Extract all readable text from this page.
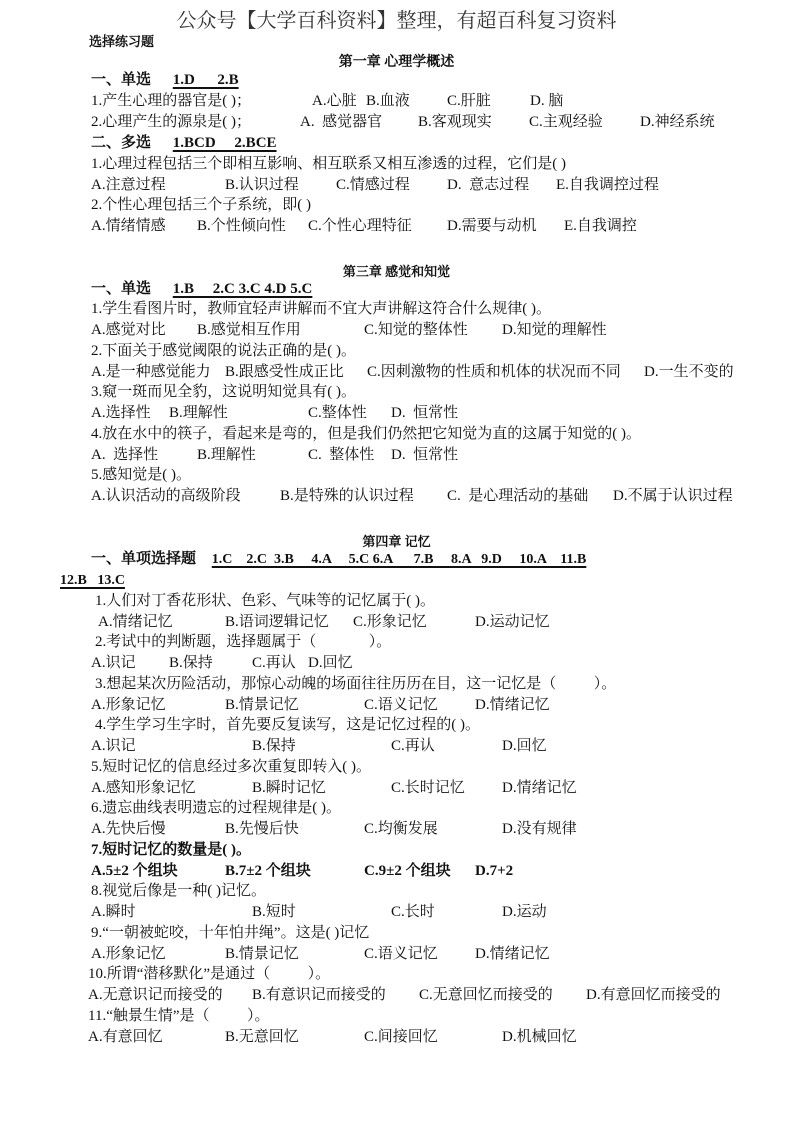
公众号【大学百科资料】整理，有超百科复习资料
选择练习题
第一章 心理学概述
一、单选 1.D      2.B
1.产生心理的器官是( )；	A.心脏 B.血液 C.肝脏	D. 脑
2.心理产生的源泉是( )；	A.  感觉器官 B.客观现实 C.主观经验 D.神经系统
二、多选 1.BCD     2.BCE
1.心理过程包括三个即相互影响、相互联系又相互渗透的过程，它们是( )
A.注意过程	B.认识过程 C.情感过程 D.  意志过程 E.自我调控过程
2.个性心理包括三个子系统，即( )
A.情绪情感 B.个性倾向性 C.个性心理特征 D.需要与动机 E.自我调控
第三章 感觉和知觉
一、单选 1.B     2.C 3.C 4.D 5.C
1.学生看图片时，教师宜轻声讲解而不宜大声讲解这符合什么规律( )。
A.感觉对比 B.感觉相互作用	C.知觉的整体性 D.知觉的理解性
2.下面关于感觉阈限的说法正确的是( )。
A.是一种感觉能力 B.跟感受性成正比 C.因刺激物的性质和机体的状况而不同 D.一生不变的
3.窥一斑而见全豹，这说明知觉具有( )。
A.选择性 B.理解性	C.整体性 D.  恒常性
4.放在水中的筷子，看起来是弯的，但是我们仍然把它知觉为直的这属于知觉的( )。
A.  选择性	B.理解性	C.  整体性 D.  恒常性
5.感知觉是( )。
A.认识活动的高级阶段	B.是特殊的认识过程 C.  是心理活动的基础 D.不属于认识过程
第四章 记忆
一、单项选择题 1.C    2.C  3.B     4.A     5.C 6.A      7.B     8.A   9.D     10.A    11.B
12.B   13.C
1.人们对丁香花形状、色彩、气味等的记忆属于( )。
A.情绪记忆	B.语词逻辑记忆 C.形象记忆	D.运动记忆
2.考试中的判断题，选择题属于（              ）。
A.识记 B.保持	C.再认 D.回忆
3.想起某次历险活动，那惊心动魄的场面往往历历在目，这一记忆是（          ）。
A.形象记忆	B.情景记忆	C.语义记忆 D.情绪记忆
4.学生学习生字时，首先要反复读写，这是记忆过程的( )。
A.识记	B.保持	C.再认	D.回忆
5.短时记忆的信息经过多次重复即转入( )。
A.感知形象记忆	B.瞬时记忆	C.长时记忆 D.情绪记忆
6.遗忘曲线表明遗忘的过程规律是( )。
A.先快后慢	B.先慢后快	C.均衡发展	D.没有规律
7.短时记忆的数量是( )。
A.5±2 个组块	B.7±2 个组块	C.9±2 个组块 D.7+2
8.视觉后像是一种( )记忆。
A.瞬时	B.短时	C.长时	D.运动
9.“一朝被蛇咬，十年怕井绳”。这是( )记忆
A.形象记忆	B.情景记忆	C.语义记忆 D.情绪记忆
10.所谓“潜移默化”是通过（          ）。
A.无意识记而接受的 B.有意识记而接受的 C.无意回忆而接受的 D.有意回忆而接受的
11.“触景生情”是（          ）。
A.有意回忆	B.无意回忆	C.间接回忆	D.机械回忆
